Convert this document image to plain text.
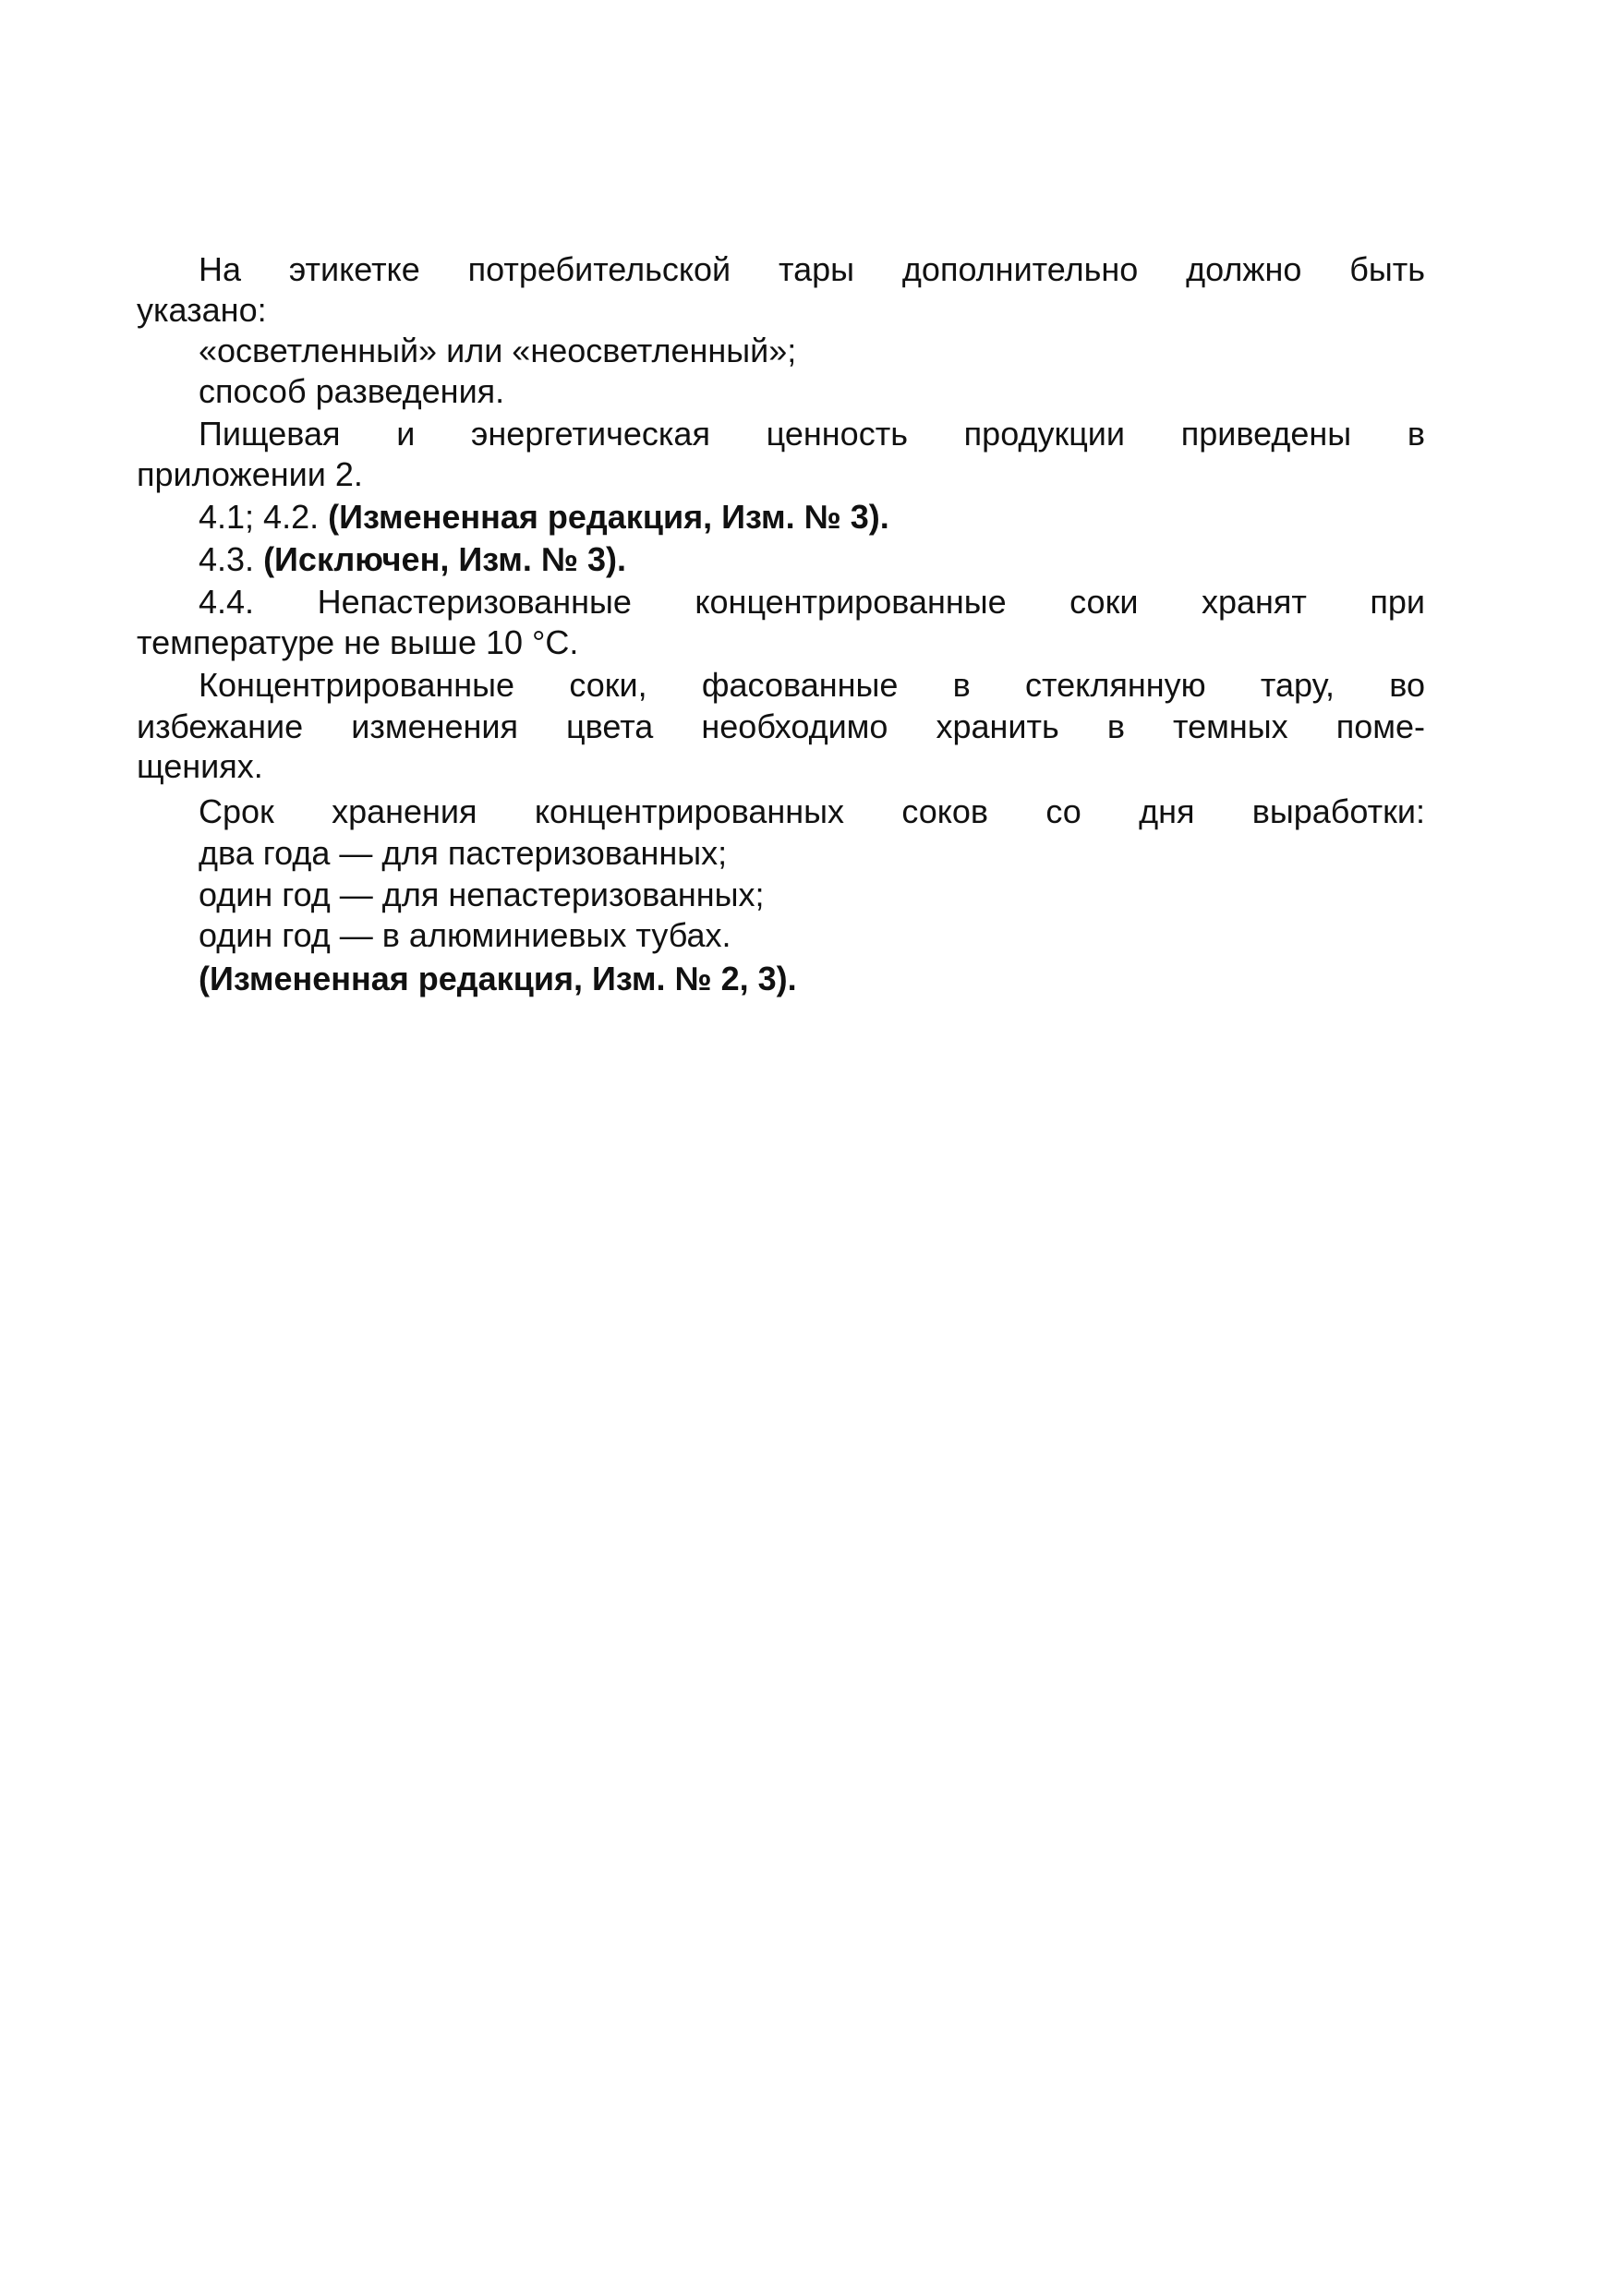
На этикетке потребительской тары дополнительно должно быть
указано:
«осветленный» или «неосветленный»;
способ разведения.
Пищевая и энергетическая ценность продукции приведены в
приложении 2.
4.1; 4.2. (Измененная редакция, Изм. № 3).
4.3. (Исключен, Изм. № 3).
4.4. Непастеризованные концентрированные соки хранят при
температуре не выше 10 °С.
Концентрированные соки, фасованные в стеклянную тару, во
избежание изменения цвета необходимо хранить в темных поме-
щениях.
Срок хранения концентрированных соков со дня выработки:
два года — для пастеризованных;
один год — для непастеризованных;
один год — в алюминиевых тубах.
(Измененная редакция, Изм. № 2, 3).
